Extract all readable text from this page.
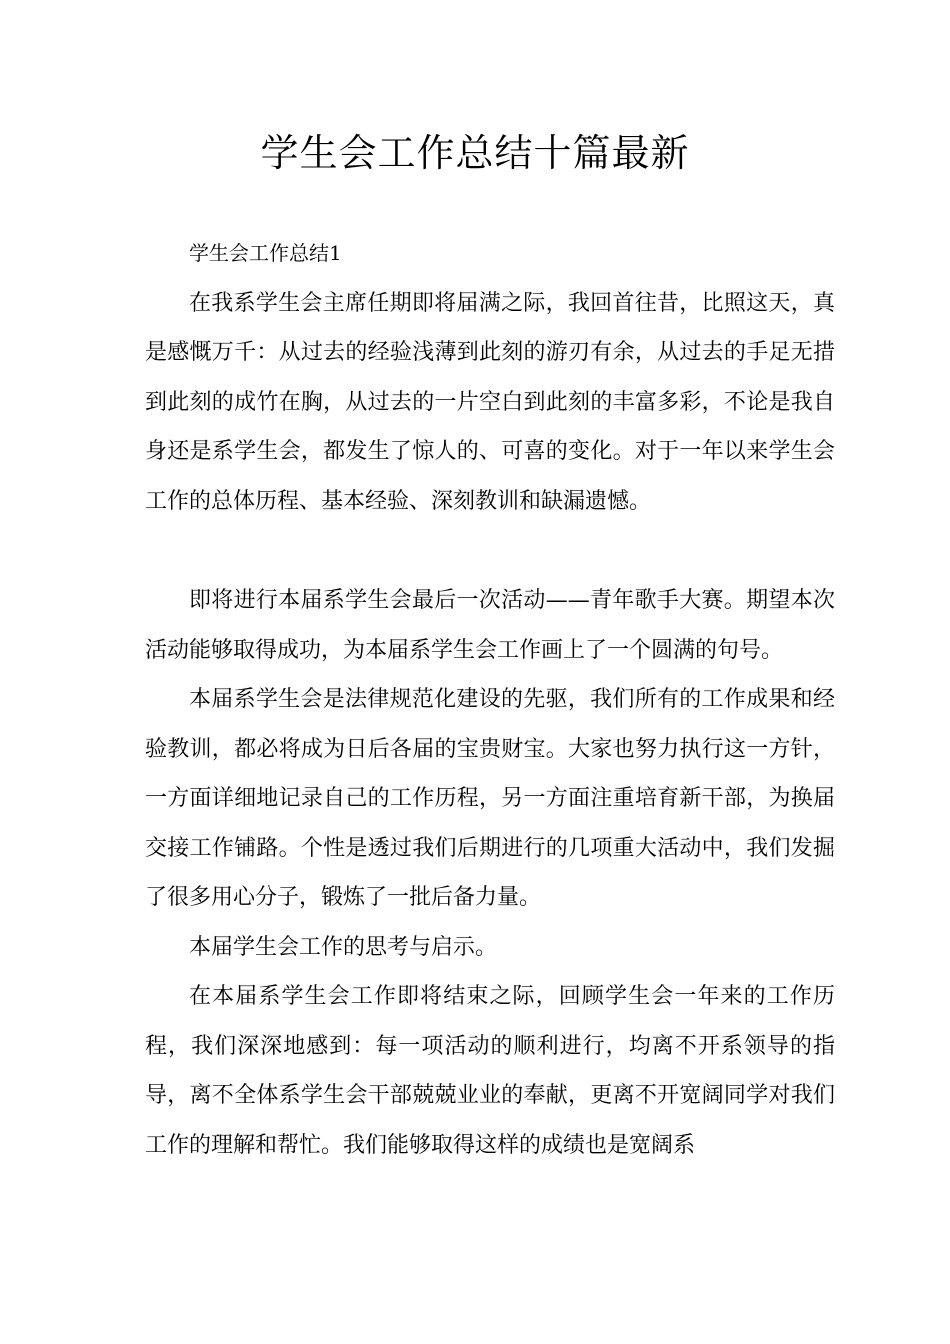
学生会工作总结十篇最新

学生会工作总结1

在我系学生会主席任期即将届满之际，我回首往昔，比照这天，真是感慨万千：从过去的经验浅薄到此刻的游刃有余，从过去的手足无措到此刻的成竹在胸，从过去的一片空白到此刻的丰富多彩，不论是我自身还是系学生会，都发生了惊人的、可喜的变化。对于一年以来学生会工作的总体历程、基本经验、深刻教训和缺漏遗憾。

即将进行本届系学生会最后一次活动——青年歌手大赛。期望本次活动能够取得成功，为本届系学生会工作画上了一个圆满的句号。

本届系学生会是法律规范化建设的先驱，我们所有的工作成果和经验教训，都必将成为日后各届的宝贵财宝。大家也努力执行这一方针，一方面详细地记录自己的工作历程，另一方面注重培育新干部，为换届交接工作铺路。个性是透过我们后期进行的几项重大活动中，我们发掘了很多用心分子，锻炼了一批后备力量。

本届学生会工作的思考与启示。

在本届系学生会工作即将结束之际，回顾学生会一年来的工作历程，我们深深地感到：每一项活动的顺利进行，均离不开系领导的指导，离不全体系学生会干部兢兢业业的奉献，更离不开宽阔同学对我们工作的理解和帮忙。我们能够取得这样的成绩也是宽阔系
